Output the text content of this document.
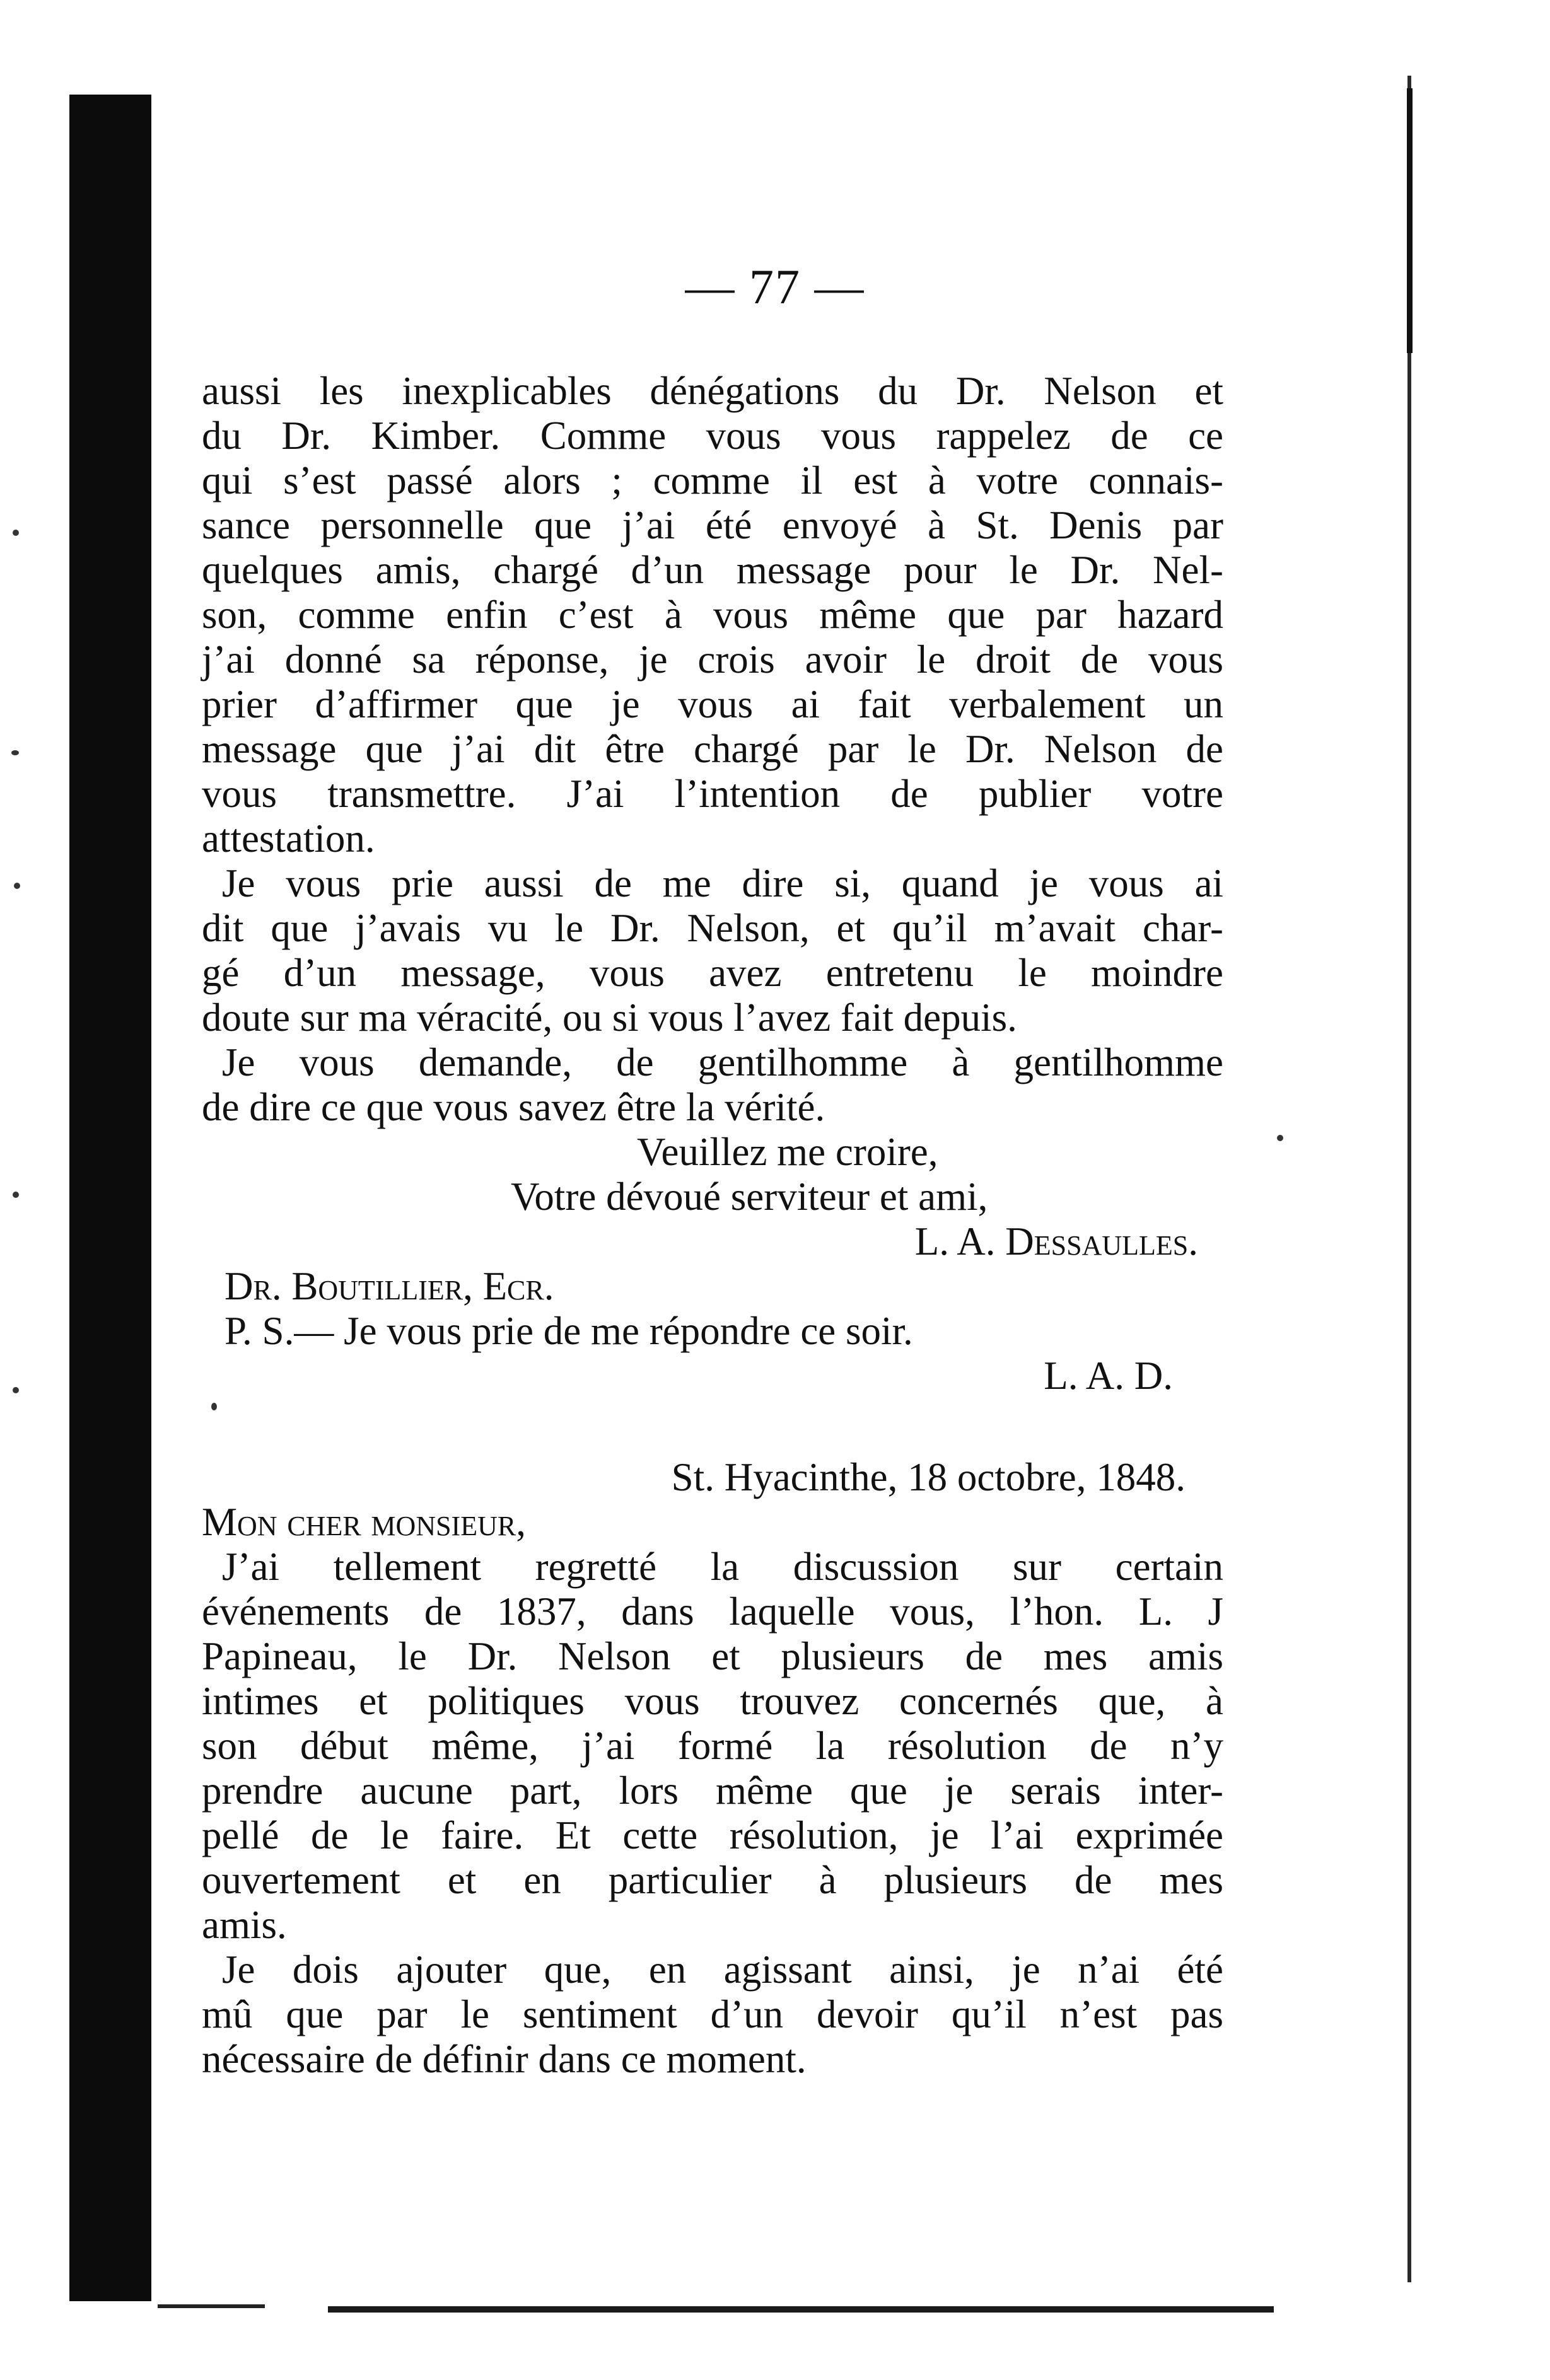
— 77 —
aussi les inexplicables dénégations du Dr. Nelson et
du Dr. Kimber. Comme vous vous rappelez de ce
qui s’est passé alors ; comme il est à votre connais-
sance personnelle que j’ai été envoyé à St. Denis par
quelques amis, chargé d’un message pour le Dr. Nel-
son, comme enfin c’est à vous même que par hazard
j’ai donné sa réponse, je crois avoir le droit de vous
prier d’affirmer que je vous ai fait verbalement un
message que j’ai dit être chargé par le Dr. Nelson de
vous transmettre. J’ai l’intention de publier votre
attestation.
Je vous prie aussi de me dire si, quand je vous ai
dit que j’avais vu le Dr. Nelson, et qu’il m’avait char-
gé d’un message, vous avez entretenu le moindre
doute sur ma véracité, ou si vous l’avez fait depuis.
Je vous demande, de gentilhomme à gentilhomme
de dire ce que vous savez être la vérité.
Veuillez me croire,
Votre dévoué serviteur et ami,
L. A. Dessaulles.
Dr. Boutillier, Ecr.
P. S.— Je vous prie de me répondre ce soir.
L. A. D.
St. Hyacinthe, 18 octobre, 1848.
Mon cher monsieur,
J’ai tellement regretté la discussion sur certain
événements de 1837, dans laquelle vous, l’hon. L. J
Papineau, le Dr. Nelson et plusieurs de mes amis
intimes et politiques vous trouvez concernés que, à
son début même, j’ai formé la résolution de n’y
prendre aucune part, lors même que je serais inter-
pellé de le faire. Et cette résolution, je l’ai exprimée
ouvertement et en particulier à plusieurs de mes
amis.
Je dois ajouter que, en agissant ainsi, je n’ai été
mû que par le sentiment d’un devoir qu’il n’est pas
nécessaire de définir dans ce moment.
